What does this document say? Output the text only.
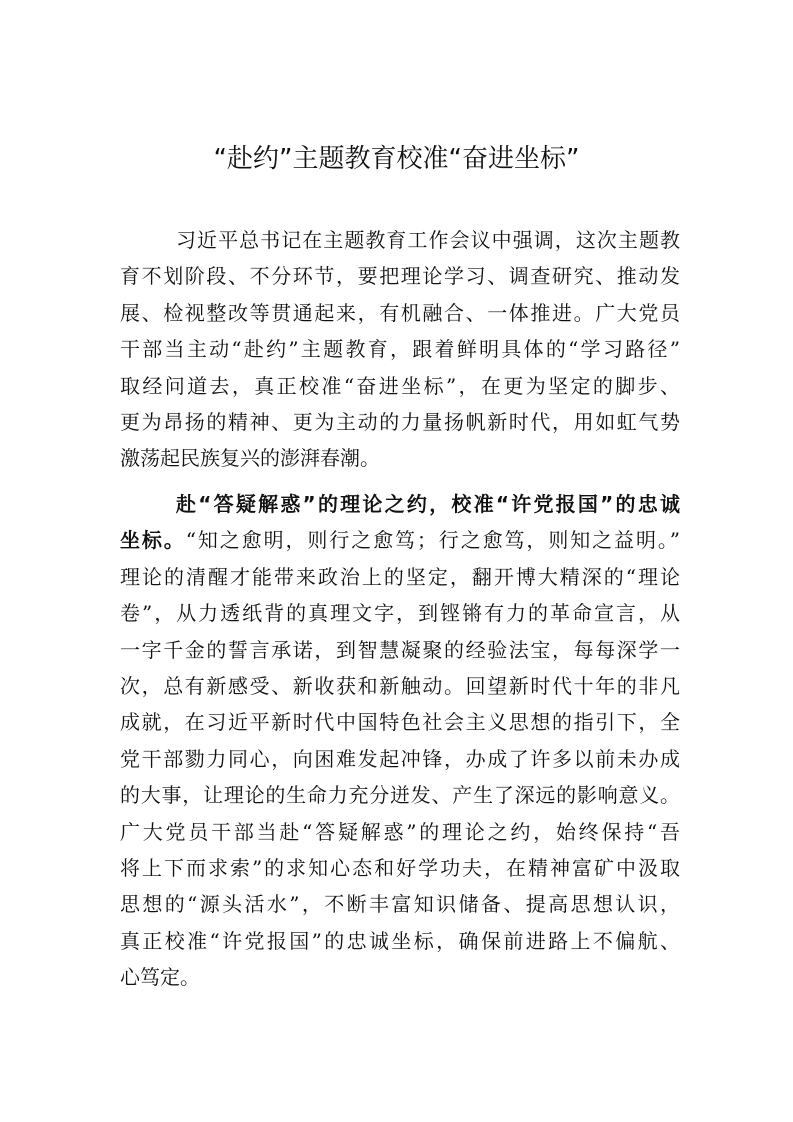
“赴约”主题教育校准“奋进坐标”
习近平总书记在主题教育工作会议中强调，这次主题教
育不划阶段、不分环节，要把理论学习、调查研究、推动发
展、检视整改等贯通起来，有机融合、一体推进。广大党员
干部当主动“赴约”主题教育，跟着鲜明具体的“学习路径”
取经问道去，真正校准“奋进坐标”，在更为坚定的脚步、
更为昂扬的精神、更为主动的力量扬帆新时代，用如虹气势
激荡起民族复兴的澎湃春潮。
赴“答疑解惑”的理论之约，校准“许党报国”的忠诚
坐标。“知之愈明，则行之愈笃；行之愈笃，则知之益明。”
理论的清醒才能带来政治上的坚定，翻开博大精深的“理论
卷”，从力透纸背的真理文字，到铿锵有力的革命宣言，从
一字千金的誓言承诺，到智慧凝聚的经验法宝，每每深学一
次，总有新感受、新收获和新触动。回望新时代十年的非凡
成就，在习近平新时代中国特色社会主义思想的指引下，全
党干部勠力同心，向困难发起冲锋，办成了许多以前未办成
的大事，让理论的生命力充分迸发、产生了深远的影响意义。
广大党员干部当赴“答疑解惑”的理论之约，始终保持“吾
将上下而求索”的求知心态和好学功夫，在精神富矿中汲取
思想的“源头活水”，不断丰富知识储备、提高思想认识，
真正校准“许党报国”的忠诚坐标，确保前进路上不偏航、
心笃定。
